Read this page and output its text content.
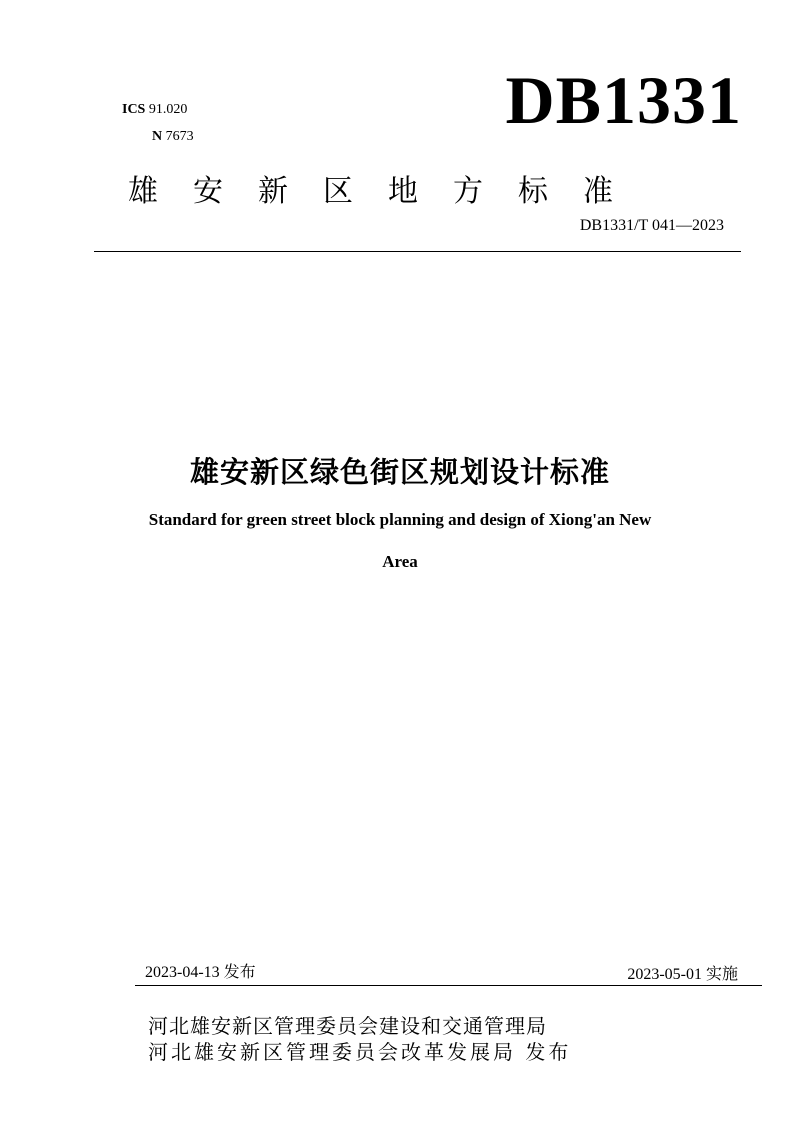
ICS 91.020
N 7673	DB1331
雄安新区地方标准
DB1331/T 041—2023
雄安新区绿色街区规划设计标准
Standard for green street block planning and design of Xiong'an New
Area
2023-04-13 发布	2023-05-01 实施
河北雄安新区管理委员会建设和交通管理局
河北雄安新区管理委员会改革发展局 发布
